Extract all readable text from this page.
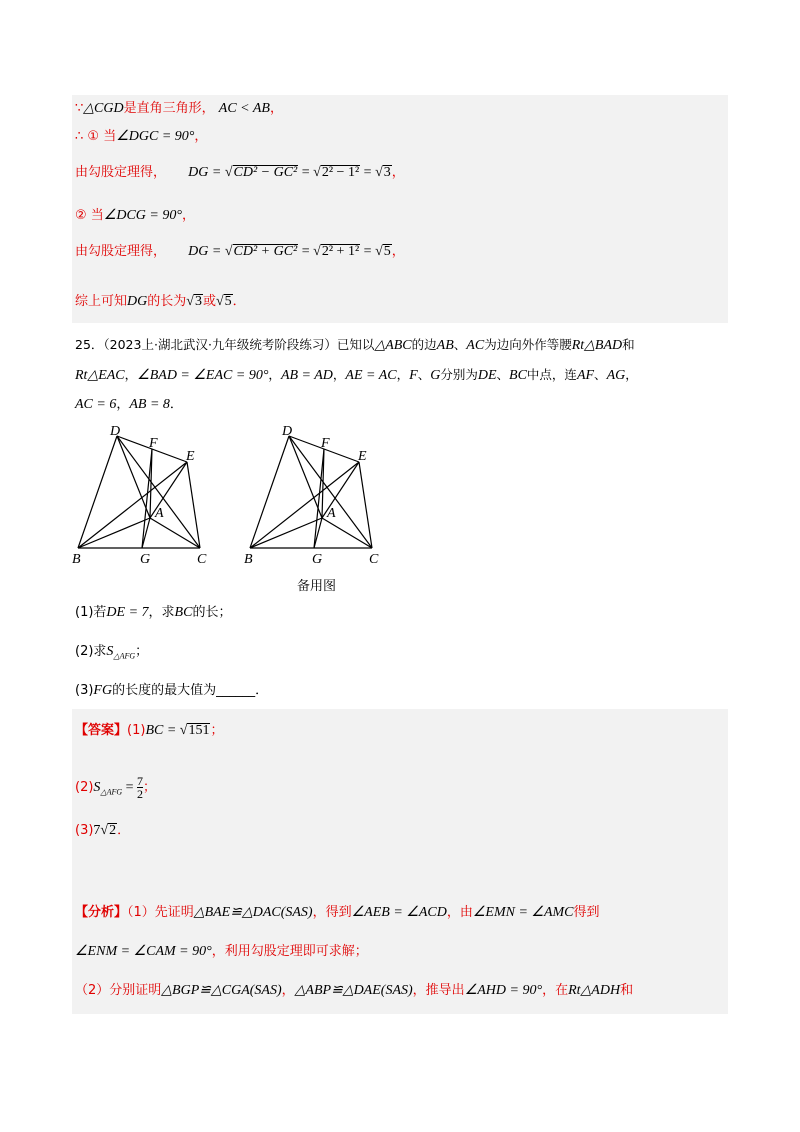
∵△CGD是直角三角形， AC < AB，
∴ ① 当∠DGC = 90°，
由勾股定理得， DG = √CD² − GC² = √2² − 1² = √3，
② 当∠DCG = 90°，
由勾股定理得， DG = √CD² + GC² = √2² + 1² = √5，
综上可知DG的长为√3或√5．
25．（2023上·湖北武汉·九年级统考阶段练习）已知以△ABC的边AB、AC为边向外作等腰Rt△BAD和
Rt△EAC，∠BAD = ∠EAC = 90°，AB = AD，AE = AC，F、G分别为DE、BC中点，连AF、AG，
AC = 6，AB = 8．
D
F
E
A
B	G	C
D
F
E
A
B	G	C
备用图
(1)若DE = 7，求BC的长；
(2)求$S_{\triangle AFG}$；
(3)FG的长度的最大值为______．
【答案】(1)BC = √151；
$(2)S_{\triangle AFG} = \frac{7}{2}$ ；
(3)7√2．
【分析】（1）先证明△BAE≌△DAC(SAS)，得到∠AEB = ∠ACD，由∠EMN = ∠AMC得到
∠ENM = ∠CAM = 90°，利用勾股定理即可求解；
（2）分别证明△BGP≌△CGA(SAS)，△ABP≌△DAE(SAS)，推导出∠AHD = 90°，在Rt△ADH和
